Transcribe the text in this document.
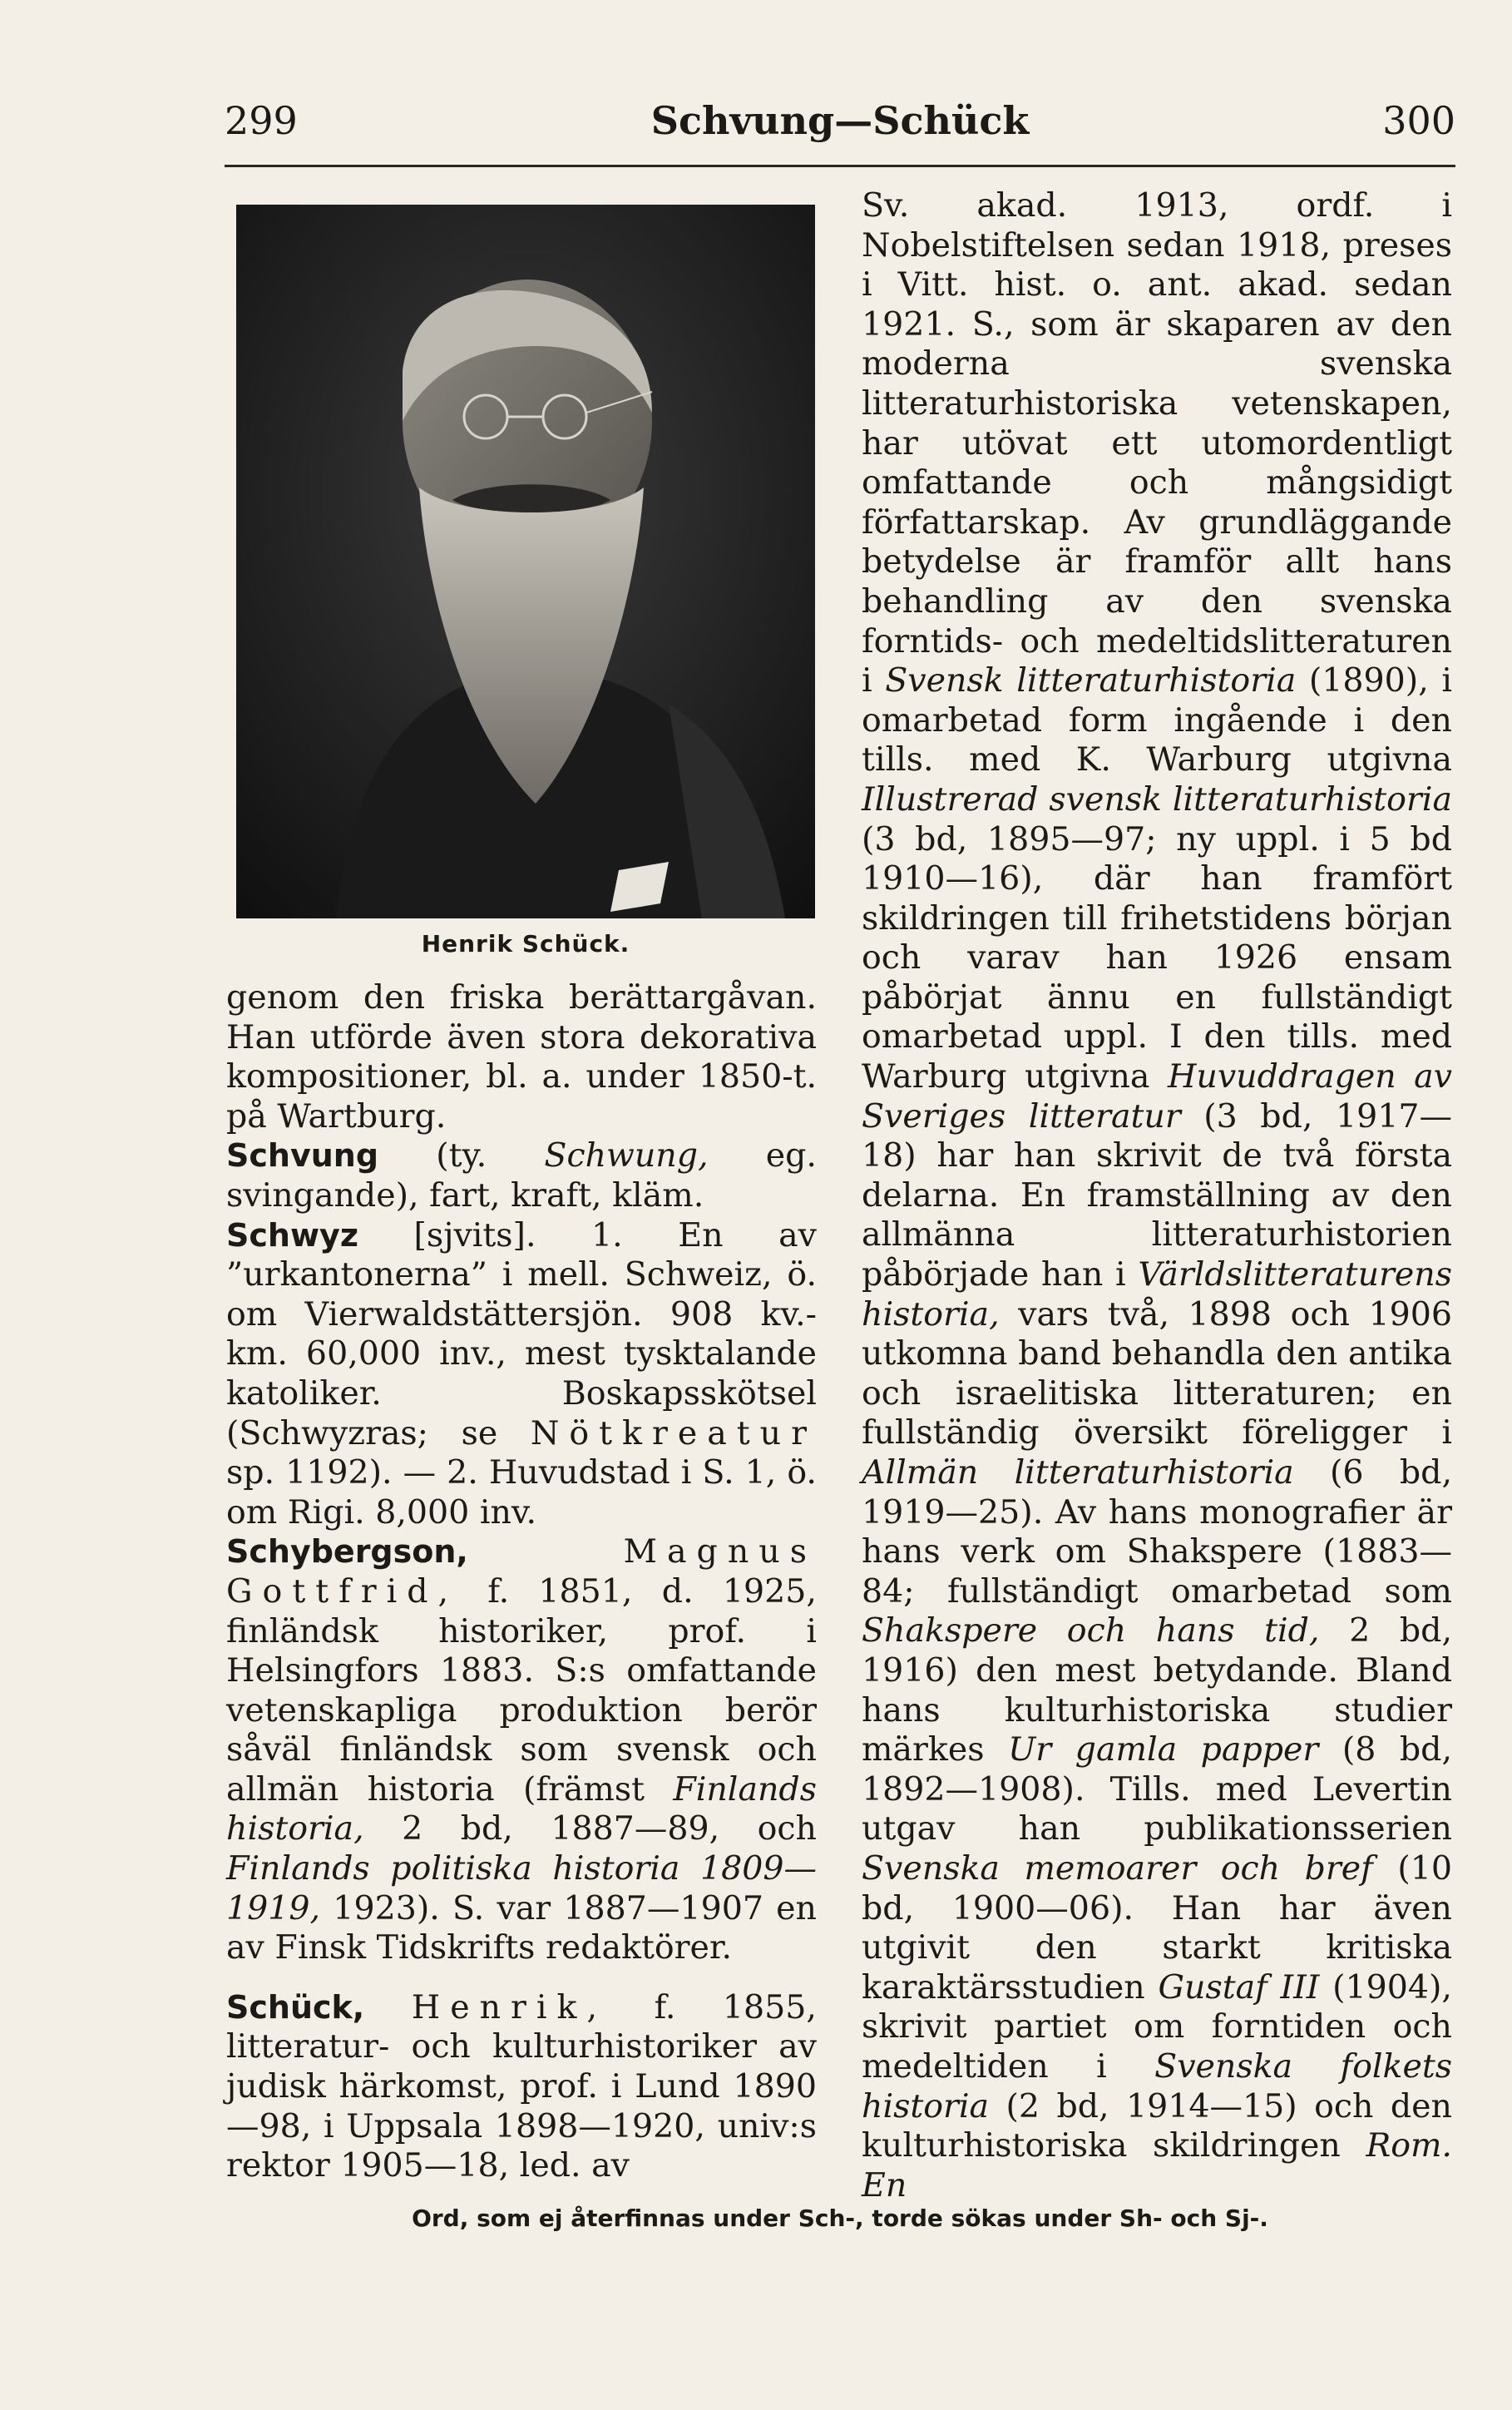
299	Schvung—Schück	300
Henrik Schück.

genom den friska berättargåvan. Han utförde även stora dekorativa kompositioner, bl. a. under 1850-t. på Wartburg.

Schvung (ty. Schwung, eg. svingande), fart, kraft, kläm.

Schwyz [sjvits]. 1. En av ”urkantonerna” i mell. Schweiz, ö. om Vierwaldstättersjön. 908 kv.-km. 60,000 inv., mest tysktalande katoliker. Boskapsskötsel (Schwyzras; se Nötkreatur sp. 1192). — 2. Huvudstad i S. 1, ö. om Rigi. 8,000 inv.

Schybergson,	Magnus Gottfrid, f. 1851, d. 1925, finländsk historiker, prof. i Helsingfors 1883. S:s omfattande vetenskapliga produktion berör såväl finländsk som svensk och allmän historia (främst Finlands historia, 2 bd, 1887—89, och Finlands politiska historia 1809—1919, 1923). S. var 1887—1907 en av Finsk Tidskrifts redaktörer.

Schück, Henrik, f. 1855, litteratur- och kulturhistoriker av judisk härkomst, prof. i Lund 1890—98, i Uppsala 1898—1920, univ:s rektor 1905—18, led. av

Sv. akad. 1913, ordf. i Nobelstiftelsen sedan 1918, preses i Vitt. hist. o. ant. akad. sedan 1921. S., som är skaparen av den moderna svenska litteraturhistoriska vetenskapen, har utövat ett utomordentligt omfattande och mångsidigt författarskap. Av grundläggande betydelse är framför allt hans behandling av den svenska forntids- och medeltidslitteraturen i Svensk litteraturhistoria (1890), i omarbetad form ingående i den tills. med K. Warburg utgivna Illustrerad svensk litteraturhistoria (3 bd, 1895—97; ny uppl. i 5 bd 1910—16), där han framfört skildringen till frihetstidens början och varav han 1926 ensam påbörjat ännu en fullständigt omarbetad uppl. I den tills. med Warburg utgivna Huvuddragen av Sveriges litteratur (3 bd, 1917—18) har han skrivit de två första delarna. En framställning av den allmänna litteraturhistorien påbörjade han i Världslitteraturens historia, vars två, 1898 och 1906 utkomna band behandla den antika och israelitiska litteraturen; en fullständig översikt föreligger i Allmän litteraturhistoria (6 bd, 1919—25). Av hans monografier är hans verk om Shakspere (1883—84; fullständigt omarbetad som Shakspere och hans tid, 2 bd, 1916) den mest betydande. Bland hans kulturhistoriska studier märkes Ur gamla papper (8 bd, 1892—1908). Tills. med Levertin utgav han publikationsserien Svenska memoarer och bref (10 bd, 1900—06). Han har även utgivit den starkt kritiska karaktärsstudien Gustaf III (1904), skrivit partiet om forntiden och medeltiden i Svenska folkets historia (2 bd, 1914—15) och den kulturhistoriska skildringen Rom. En

Ord, som ej återfinnas under Sch-, torde sökas under Sh- och Sj-.
